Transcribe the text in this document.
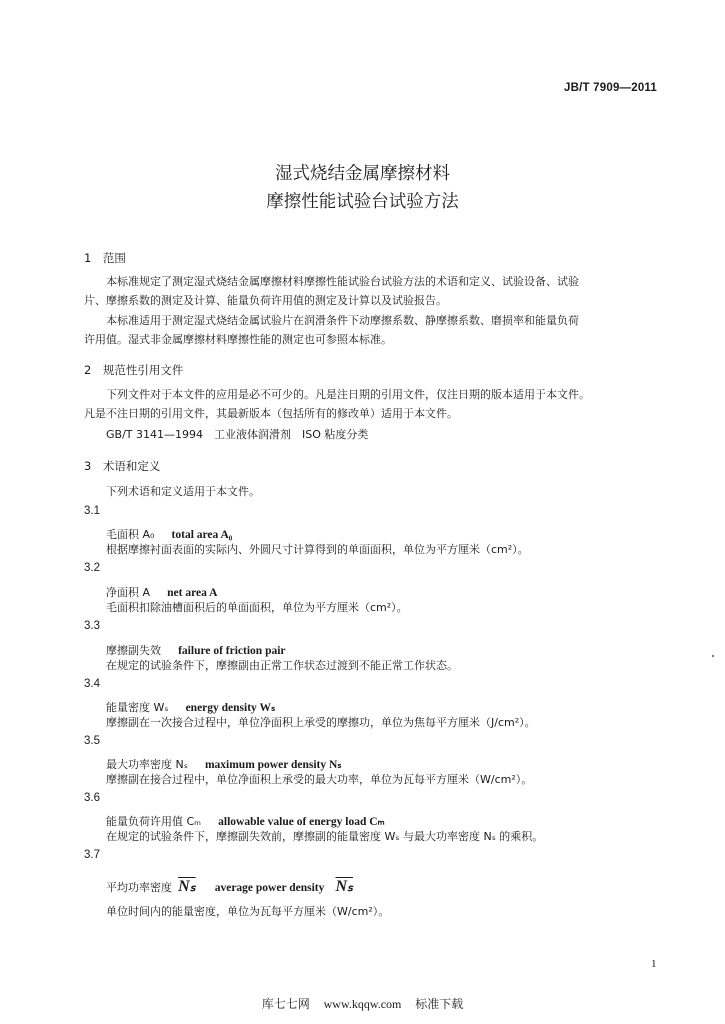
JB/T 7909—2011
湿式烧结金属摩擦材料
摩擦性能试验台试验方法
1　范围
本标准规定了测定湿式烧结金属摩擦材料摩擦性能试验台试验方法的术语和定义、试验设备、试验
片、摩擦系数的测定及计算、能量负荷许用值的测定及计算以及试验报告。
本标准适用于测定湿式烧结金属试验片在润滑条件下动摩擦系数、静摩擦系数、磨损率和能量负荷
许用值。湿式非金属摩擦材料摩擦性能的测定也可参照本标准。
2　规范性引用文件
下列文件对于本文件的应用是必不可少的。凡是注日期的引用文件，仅注日期的版本适用于本文件。
凡是不注日期的引用文件，其最新版本（包括所有的修改单）适用于本文件。
GB/T 3141—1994　工业液体润滑剂　ISO 粘度分类
3　术语和定义
下列术语和定义适用于本文件。
3.1
毛面积 A₀ total area A₀
根据摩擦衬面表面的实际内、外圆尺寸计算得到的单面面积，单位为平方厘米（cm²）。
3.2
净面积 A net area A
毛面积扣除油槽面积后的单面面积，单位为平方厘米（cm²）。
3.3
摩擦副失效 failure of friction pair
在规定的试验条件下，摩擦副由正常工作状态过渡到不能正常工作状态。
3.4
能量密度 Wₛ energy density Wₛ
摩擦副在一次接合过程中，单位净面积上承受的摩擦功，单位为焦每平方厘米（J/cm²）。
3.5
最大功率密度 Nₛ maximum power density Nₛ
摩擦副在接合过程中，单位净面积上承受的最大功率，单位为瓦每平方厘米（W/cm²）。
3.6
能量负荷许用值 Cₘ allowable value of energy load Cₘ
在规定的试验条件下，摩擦副失效前，摩擦副的能量密度 Wₛ 与最大功率密度 Nₛ 的乘积。
3.7
平均功率密度 $\overline{N_s}$ average power density $\overline{N_s}$
单位时间内的能量密度，单位为瓦每平方厘米（W/cm²）。
1
库七七网 www.kqqw.com 标准下载
